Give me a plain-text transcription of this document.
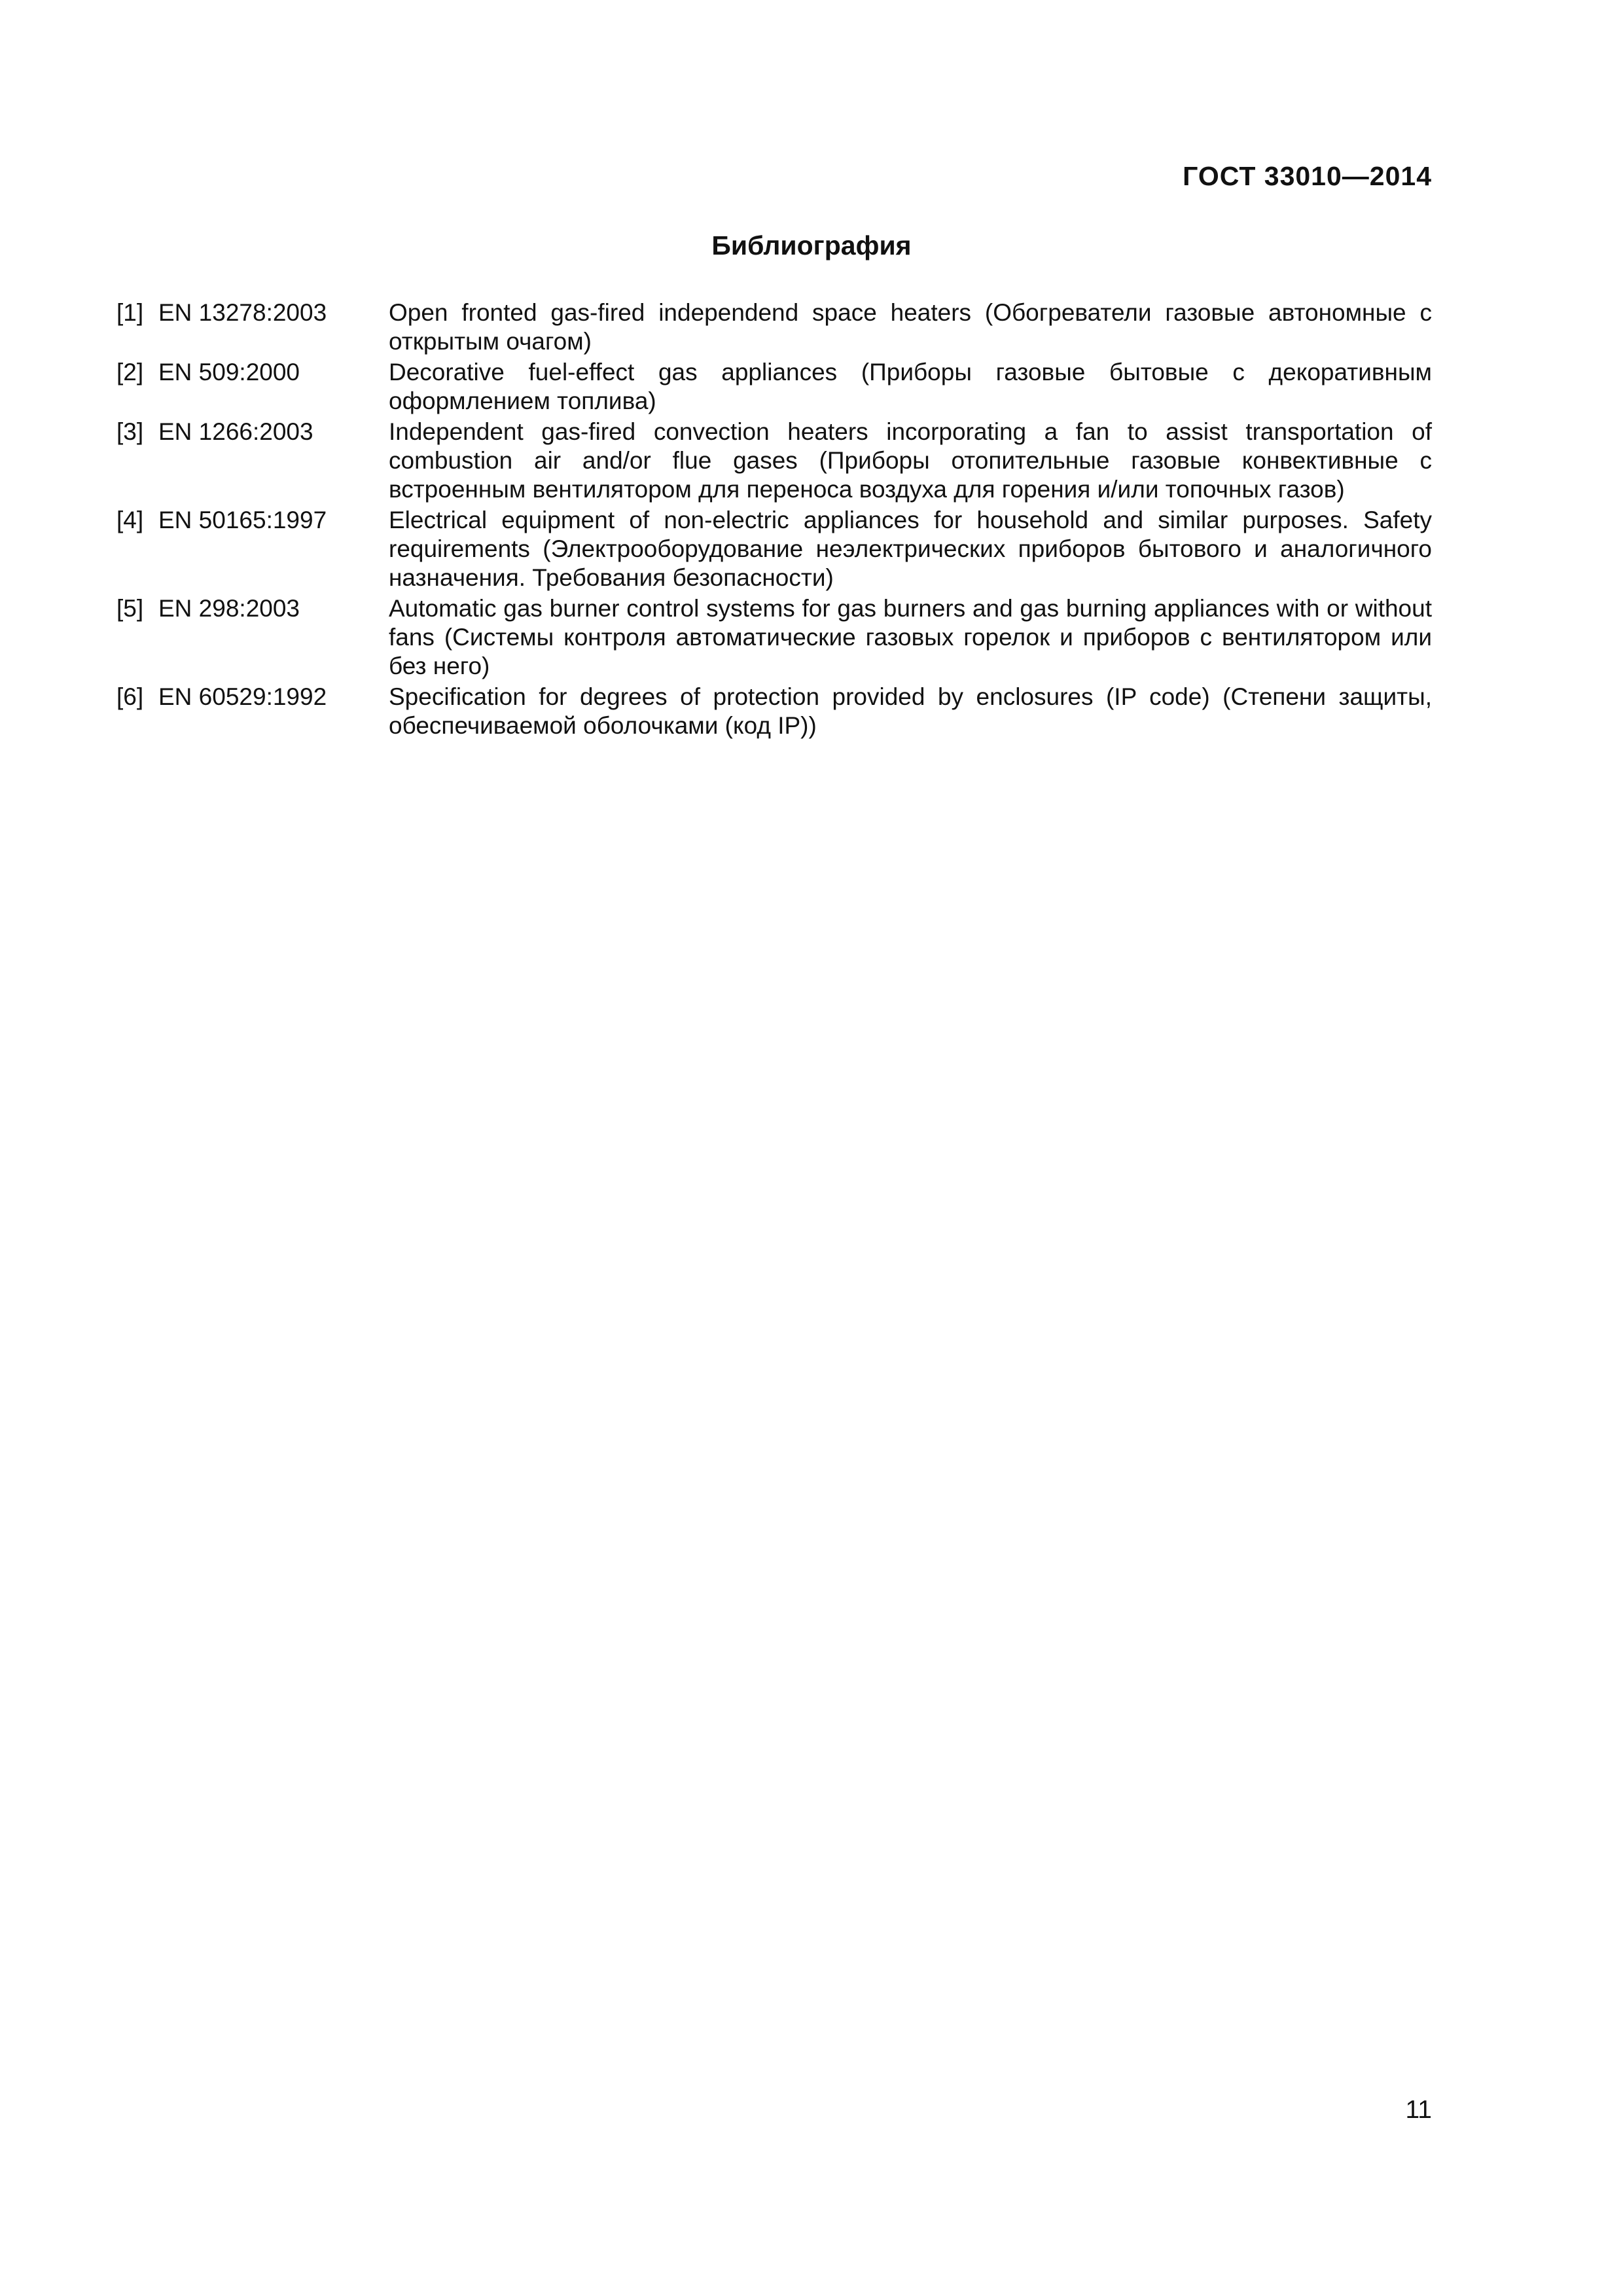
ГОСТ 33010—2014
Библиография
[1] EN 13278:2003	Open fronted gas-fired independend space heaters (Обогреватели газовые автономные с открытым очагом)
[2] EN 509:2000	Decorative fuel-effect gas appliances (Приборы газовые бытовые с декоративным оформлением топлива)
[3] EN 1266:2003	Independent gas-fired convection heaters incorporating a fan to assist transportation of combustion air and/or flue gases (Приборы отопительные газовые конвективные с встроенным вентилятором для переноса воздуха для горения и/или топочных газов)
[4] EN 50165:1997	Electrical equipment of non-electric appliances for household and similar purposes. Safety requirements (Электрооборудование неэлектрических приборов бытового и аналогичного назначения. Требования безопасности)
[5] EN 298:2003	Automatic gas burner control systems for gas burners and gas burning appliances with or without fans (Системы контроля автоматические газовых горелок и приборов с вентилятором или без него)
[6] EN 60529:1992	Specification for degrees of protection provided by enclosures (IP code) (Степени защиты, обеспечиваемой оболочками (код IP))
11
